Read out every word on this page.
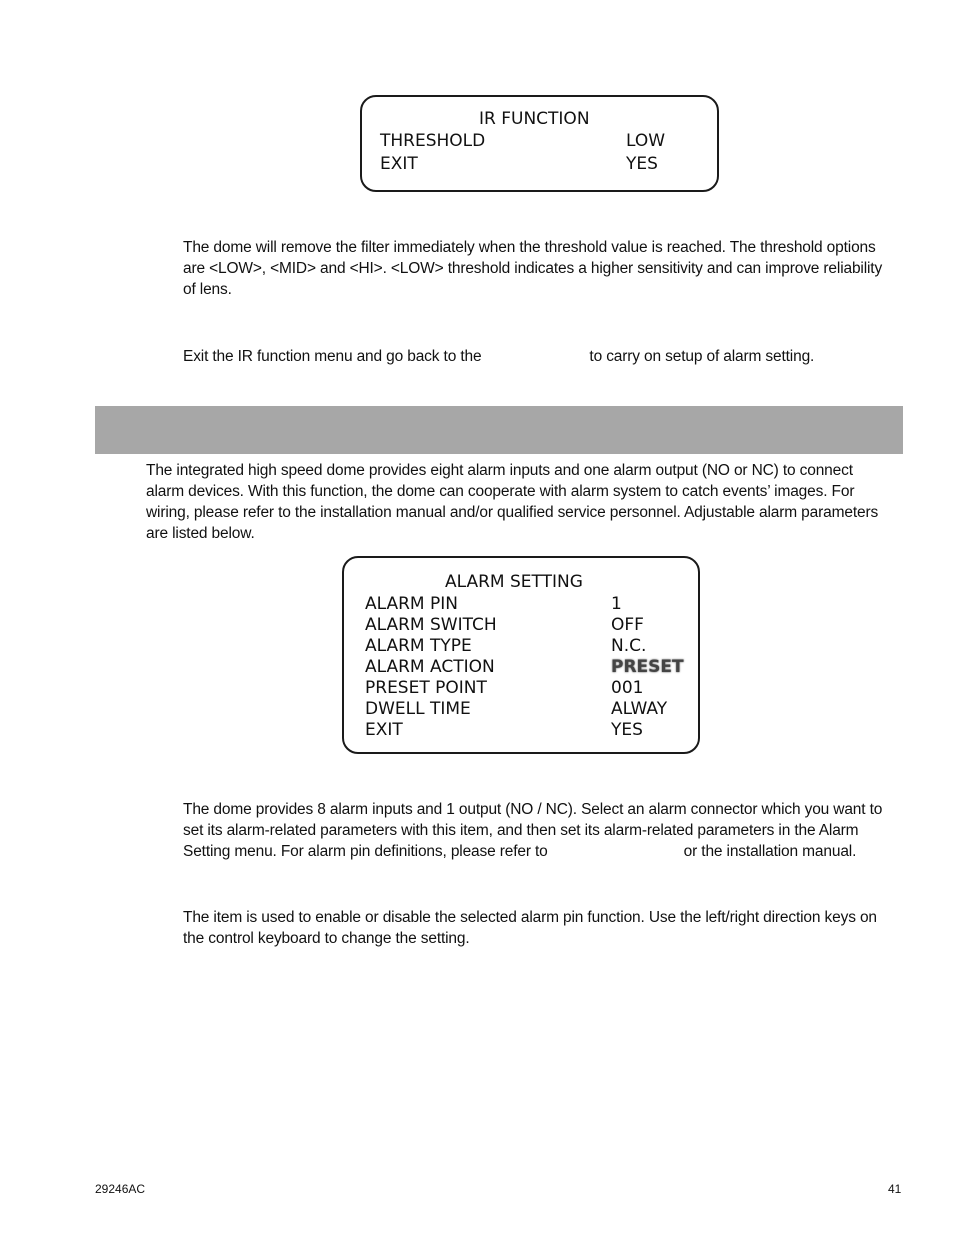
IR FUNCTION
THRESHOLD	LOW
EXIT	YES
The dome will remove the filter immediately when the threshold value is reached. The threshold options are <LOW>, <MID> and <HI>. <LOW> threshold indicates a higher sensitivity and can improve reliability of lens.
Exit the IR function menu and go back to the	to carry on setup of alarm setting.
The integrated high speed dome provides eight alarm inputs and one alarm output (NO or NC) to connect alarm devices. With this function, the dome can cooperate with alarm system to catch events’ images. For wiring, please refer to the installation manual and/or qualified service personnel. Adjustable alarm parameters are listed below.
ALARM SETTING
ALARM PIN	1
ALARM SWITCH	OFF
ALARM TYPE	N.C.
ALARM ACTION	PRESET
PRESET POINT	001
DWELL TIME	ALWAY
EXIT	YES
The dome provides 8 alarm inputs and 1 output (NO / NC). Select an alarm connector which you want to set its alarm-related parameters with this item, and then set its alarm-related parameters in the Alarm Setting menu. For alarm pin definitions, please refer to	or the installation manual.
The item is used to enable or disable the selected alarm pin function. Use the left/right direction keys on the control keyboard to change the setting.
29246AC	41
